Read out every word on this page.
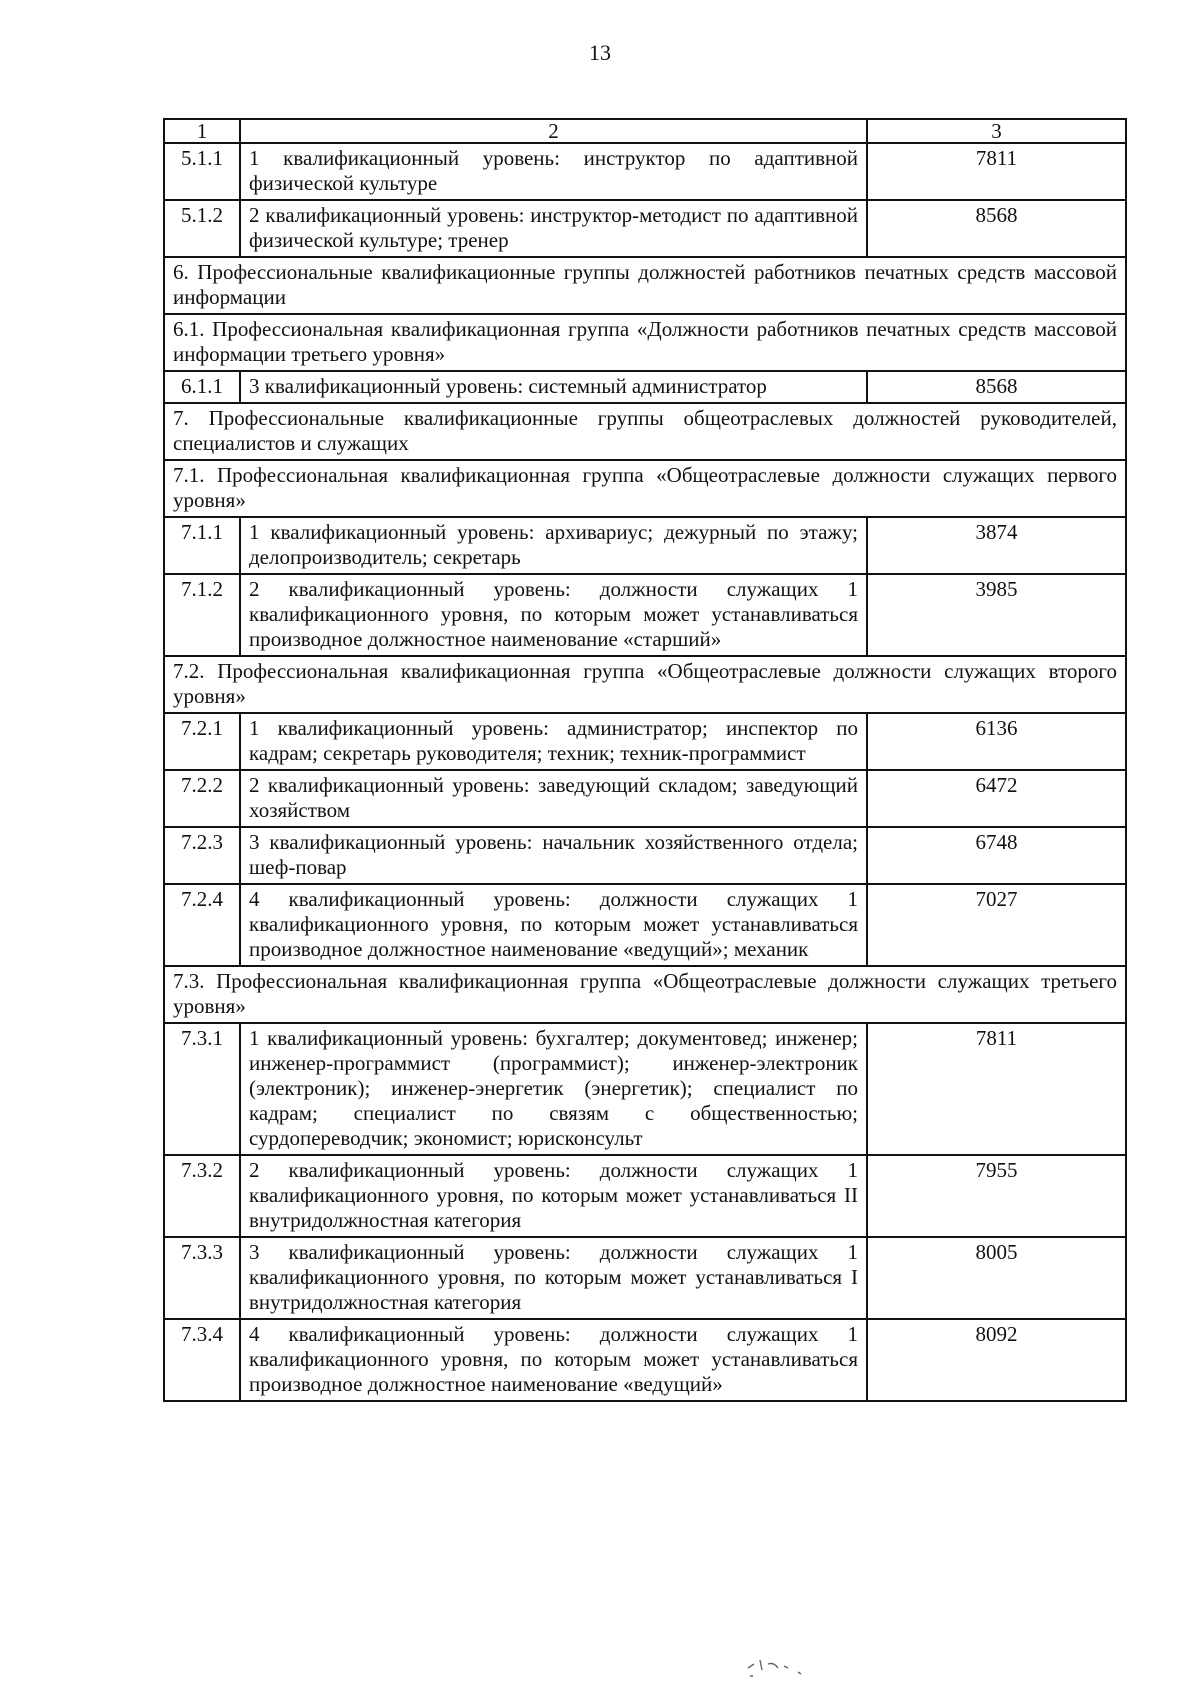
13
1	2	3
5.1.1	1 квалификационный уровень: инструктор по адаптивной физической культуре	7811
5.1.2	2 квалификационный уровень: инструктор-методист по адаптивной физической культуре; тренер	8568
6. Профессиональные квалификационные группы должностей работников печатных средств массовой информации		
6.1. Профессиональная квалификационная группа «Должности работников печатных средств массовой информации третьего уровня»		
6.1.1	3 квалификационный уровень: системный администратор	8568
7. Профессиональные квалификационные группы общеотраслевых должностей руководителей, специалистов и служащих		
7.1. Профессиональная квалификационная группа «Общеотраслевые должности служащих первого уровня»		
7.1.1	1 квалификационный уровень: архивариус; дежурный по этажу; делопроизводитель; секретарь	3874
7.1.2	2 квалификационный уровень: должности служащих 1 квалификационного уровня, по которым может устанавливаться производное должностное наименование «старший»	3985
7.2. Профессиональная квалификационная группа «Общеотраслевые должности служащих второго уровня»		
7.2.1	1 квалификационный уровень: администратор; инспектор по кадрам; секретарь руководителя; техник; техник-программист	6136
7.2.2	2 квалификационный уровень: заведующий складом; заведующий хозяйством	6472
7.2.3	3 квалификационный уровень: начальник хозяйственного отдела; шеф-повар	6748
7.2.4	4 квалификационный уровень: должности служащих 1 квалификационного уровня, по которым может устанавливаться производное должностное наименование «ведущий»; механик	7027
7.3. Профессиональная квалификационная группа «Общеотраслевые должности служащих третьего уровня»		
7.3.1	1 квалификационный уровень: бухгалтер; документовед; инженер; инженер-программист (программист); инженер-электроник (электроник); инженер-энергетик (энергетик); специалист по кадрам; специалист по связям с общественностью; сурдопереводчик; экономист; юрисконсульт	7811
7.3.2	2 квалификационный уровень: должности служащих 1 квалификационного уровня, по которым может устанавливаться II внутридолжностная категория	7955
7.3.3	3 квалификационный уровень: должности служащих 1 квалификационного уровня, по которым может устанавливаться I внутридолжностная категория	8005
7.3.4	4 квалификационный уровень: должности служащих 1 квалификационного уровня, по которым может устанавливаться производное должностное наименование «ведущий»	8092
